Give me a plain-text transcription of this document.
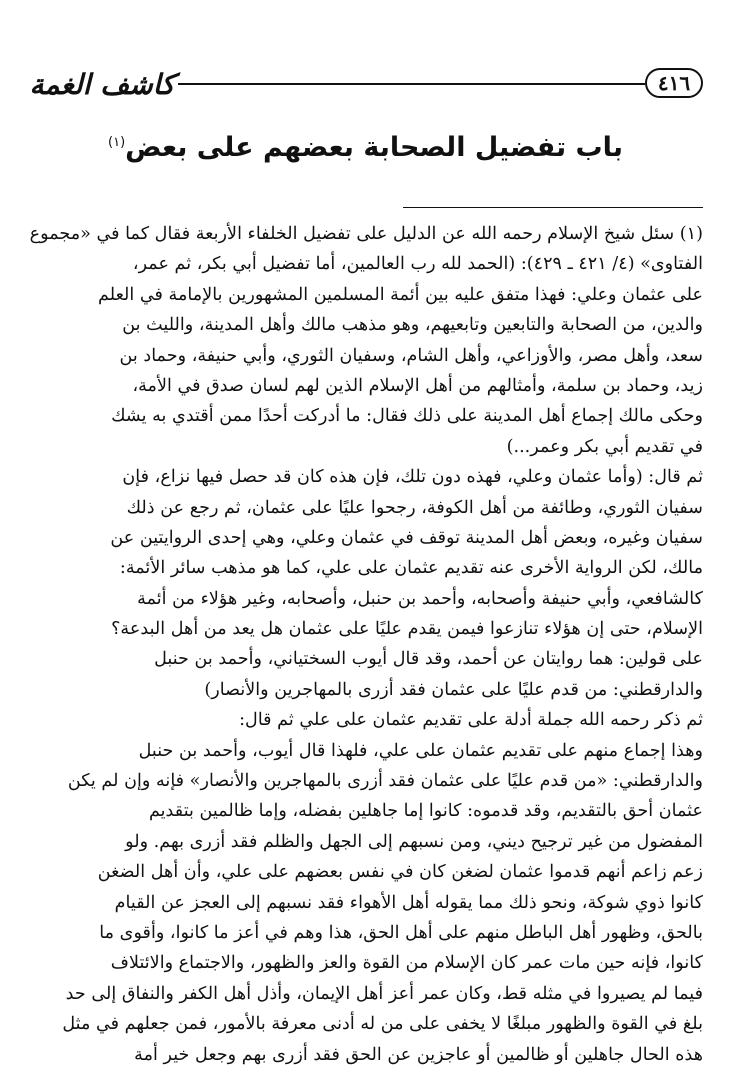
٤١٦
كاشف الغمة
باب تفضيل الصحابة بعضهم على بعض$^{(١)}$
(١) سئل شيخ الإسلام رحمه الله عن الدليل على تفضيل الخلفاء الأربعة فقال كما في «مجموع
الفتاوى» (٤/ ٤٢١ ـ ٤٢٩): (الحمد لله رب العالمين، أما تفضيل أبي بكر، ثم عمر،
على عثمان وعلي: فهذا متفق عليه بين أئمة المسلمين المشهورين بالإمامة في العلم
والدين، من الصحابة والتابعين وتابعيهم، وهو مذهب مالك وأهل المدينة، والليث بن
سعد، وأهل مصر، والأوزاعي، وأهل الشام، وسفيان الثوري، وأبي حنيفة، وحماد بن
زيد، وحماد بن سلمة، وأمثالهم من أهل الإسلام الذين لهم لسان صدق في الأمة،
وحكى مالك إجماع أهل المدينة على ذلك فقال: ما أدركت أحدًا ممن أقتدي به يشك
في تقديم أبي بكر وعمر...)
ثم قال: (وأما عثمان وعلي، فهذه دون تلك، فإن هذه كان قد حصل فيها نزاع، فإن
سفيان الثوري، وطائفة من أهل الكوفة، رجحوا عليًا على عثمان، ثم رجع عن ذلك
سفيان وغيره، وبعض أهل المدينة توقف في عثمان وعلي، وهي إحدى الروايتين عن
مالك، لكن الرواية الأخرى عنه تقديم عثمان على علي، كما هو مذهب سائر الأئمة:
كالشافعي، وأبي حنيفة وأصحابه، وأحمد بن حنبل، وأصحابه، وغير هؤلاء من أئمة
الإسلام، حتى إن هؤلاء تنازعوا فيمن يقدم عليًا على عثمان هل يعد من أهل البدعة؟
على قولين: هما روايتان عن أحمد، وقد قال أيوب السختياني، وأحمد بن حنبل
والدارقطني: من قدم عليًا على عثمان فقد أزرى بالمهاجرين والأنصار)
ثم ذكر رحمه الله جملة أدلة على تقديم عثمان على علي ثم قال:
وهذا إجماع منهم على تقديم عثمان على علي، فلهذا قال أيوب، وأحمد بن حنبل
والدارقطني: «من قدم عليًا على عثمان فقد أزرى بالمهاجرين والأنصار» فإنه وإن لم يكن
عثمان أحق بالتقديم، وقد قدموه: كانوا إما جاهلين بفضله، وإما ظالمين بتقديم
المفضول من غير ترجيح ديني، ومن نسبهم إلى الجهل والظلم فقد أزرى بهم. ولو
زعم زاعم أنهم قدموا عثمان لضغن كان في نفس بعضهم على علي، وأن أهل الضغن
كانوا ذوي شوكة، ونحو ذلك مما يقوله أهل الأهواء فقد نسبهم إلى العجز عن القيام
بالحق، وظهور أهل الباطل منهم على أهل الحق، هذا وهم في أعز ما كانوا، وأقوى ما
كانوا، فإنه حين مات عمر كان الإسلام من القوة والعز والظهور، والاجتماع والائتلاف
فيما لم يصيروا في مثله قط، وكان عمر أعز أهل الإيمان، وأذل أهل الكفر والنفاق إلى حد
بلغ في القوة والظهور مبلغًا لا يخفى على من له أدنى معرفة بالأمور، فمن جعلهم في مثل
هذه الحال جاهلين أو ظالمين أو عاجزين عن الحق فقد أزرى بهم وجعل خير أمة
